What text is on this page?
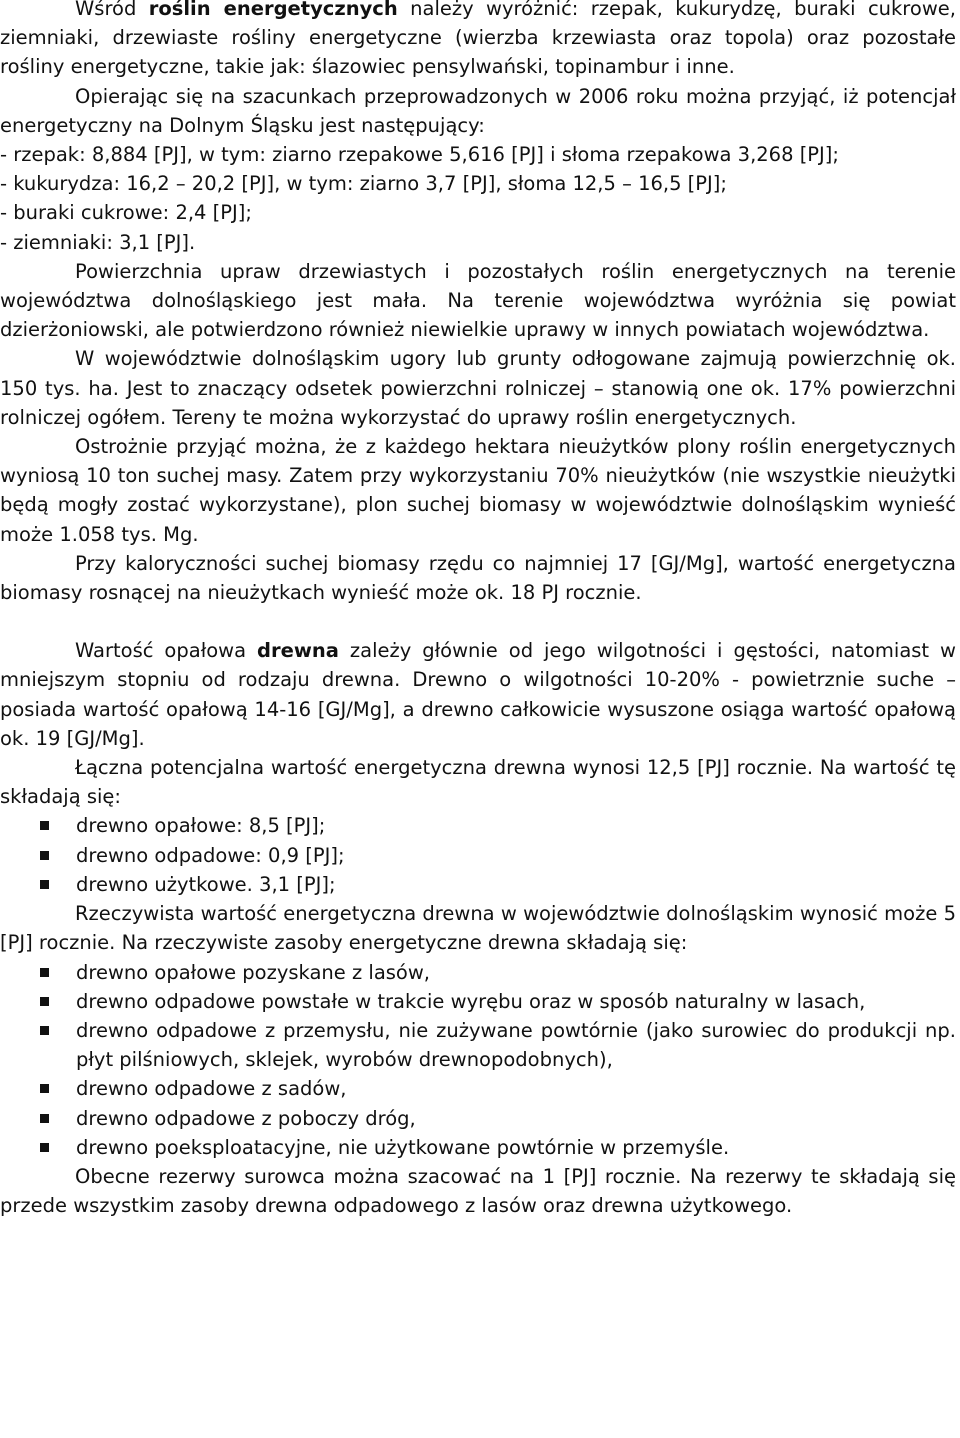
Wśród roślin energetycznych należy wyróżnić: rzepak, kukurydzę, buraki cukrowe, ziemniaki, drzewiaste rośliny energetyczne (wierzba krzewiasta oraz topola) oraz pozostałe rośliny energetyczne, takie jak: ślazowiec pensylwański, topinambur i inne.

Opierając się na szacunkach przeprowadzonych w 2006 roku można przyjąć, iż potencjał energetyczny na Dolnym Śląsku jest następujący:

- rzepak: 8,884 [PJ], w tym: ziarno rzepakowe 5,616 [PJ] i słoma rzepakowa 3,268 [PJ];

- kukurydza: 16,2 – 20,2 [PJ], w tym: ziarno 3,7 [PJ], słoma 12,5 – 16,5 [PJ];

- buraki cukrowe: 2,4 [PJ];

- ziemniaki: 3,1 [PJ].

Powierzchnia upraw drzewiastych i pozostałych roślin energetycznych na terenie województwa dolnośląskiego jest mała. Na terenie województwa wyróżnia się powiat dzierżoniowski, ale potwierdzono również niewielkie uprawy w innych powiatach województwa.

W województwie dolnośląskim ugory lub grunty odłogowane zajmują powierzchnię ok. 150 tys. ha. Jest to znaczący odsetek powierzchni rolniczej – stanowią one ok. 17% powierzchni rolniczej ogółem. Tereny te można wykorzystać do uprawy roślin energetycznych.

Ostrożnie przyjąć można, że z każdego hektara nieużytków plony roślin energetycznych wyniosą 10 ton suchej masy. Zatem przy wykorzystaniu 70% nieużytków (nie wszystkie nieużytki będą mogły zostać wykorzystane), plon suchej biomasy w województwie dolnośląskim wynieść może 1.058 tys. Mg.

Przy kaloryczności suchej biomasy rzędu co najmniej 17 [GJ/Mg], wartość energetyczna biomasy rosnącej na nieużytkach wynieść może ok. 18 PJ rocznie.

Wartość opałowa drewna zależy głównie od jego wilgotności i gęstości, natomiast w mniejszym stopniu od rodzaju drewna. Drewno o wilgotności 10-20% - powietrznie suche – posiada wartość opałową 14-16 [GJ/Mg], a drewno całkowicie wysuszone osiąga wartość opałową ok. 19 [GJ/Mg].

Łączna potencjalna wartość energetyczna drewna wynosi 12,5 [PJ] rocznie. Na wartość tę składają się:

drewno opałowe: 8,5 [PJ];
drewno odpadowe: 0,9 [PJ];
drewno użytkowe. 3,1 [PJ];

Rzeczywista wartość energetyczna drewna w województwie dolnośląskim wynosić może 5 [PJ] rocznie. Na rzeczywiste zasoby energetyczne drewna składają się:

drewno opałowe pozyskane z lasów,
drewno odpadowe powstałe w trakcie wyrębu oraz w sposób naturalny w lasach,
drewno odpadowe z przemysłu, nie zużywane powtórnie (jako surowiec do produkcji np. płyt pilśniowych, sklejek, wyrobów drewnopodobnych),
drewno odpadowe z sadów,
drewno odpadowe z poboczy dróg,
drewno poeksploatacyjne, nie użytkowane powtórnie w przemyśle.

Obecne rezerwy surowca można szacować na 1 [PJ] rocznie. Na rezerwy te składają się przede wszystkim zasoby drewna odpadowego z lasów oraz drewna użytkowego.
